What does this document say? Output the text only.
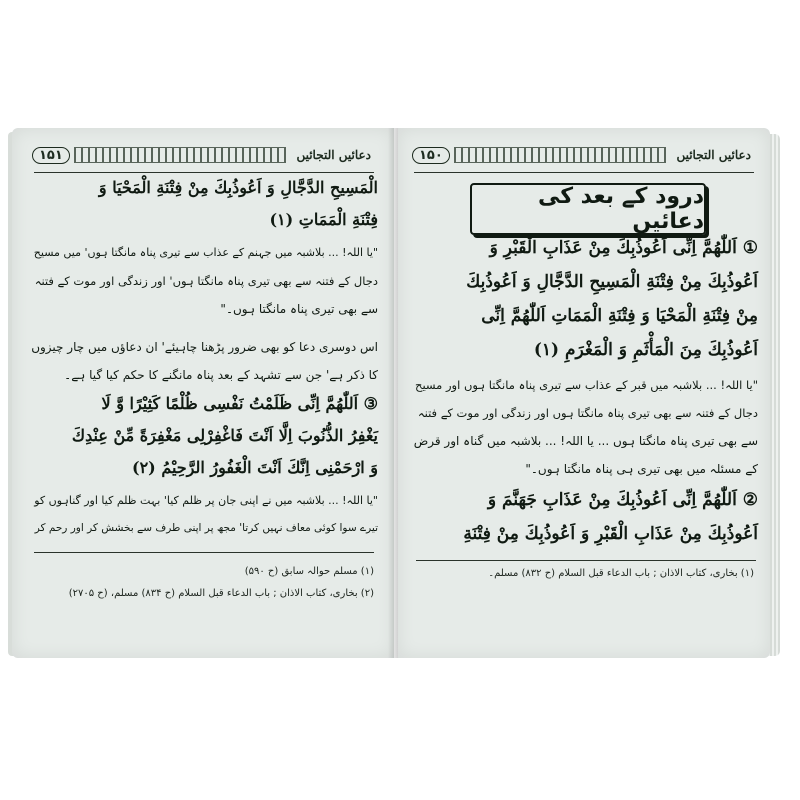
دعائیں التجائیں
۱۵۱
الْمَسِيحِ الدَّجَّالِ وَ اَعُوذُبِكَ مِنْ فِتْنَةِ الْمَحْيَا وَ
فِتْنَةِ الْمَمَاتِ (۱)
"یا اللہ! ... بلاشبہ میں جہنم کے عذاب سے تیری پناہ مانگتا ہوں' میں مسیح
دجال کے فتنہ سے بھی تیری پناہ مانگتا ہوں' اور زندگی اور موت کے فتنہ
سے بھی تیری پناہ مانگتا ہوں۔"
اس دوسری دعا کو بھی ضرور پڑھنا چاہیئے' ان دعاؤں میں چار چیزوں
کا ذکر ہے' جن سے تشہد کے بعد پناہ مانگنے کا حکم کیا گیا ہے۔
③ اَللّٰهُمَّ اِنِّی ظَلَمْتُ نَفْسِی ظُلْمًا کَثِیْرًا وَّ لَا
یَغْفِرُ الذُّنُوبَ اِلَّا اَنْتَ فَاغْفِرْلِی مَغْفِرَةً مِّنْ عِنْدِكَ
وَ ارْحَمْنِی اِنَّكَ اَنْتَ الْغَفُورُ الرَّحِیْمُ (۲)
"یا اللہ! ... بلاشبہ میں نے اپنی جان پر ظلم کیا' بہت ظلم کیا اور گناہوں کو
تیرے سوا کوئی معاف نہیں کرتا' مجھ پر اپنی طرف سے بخشش کر اور رحم کر
(۱) مسلم حوالہ سابق (ح ۵۹۰)
(۲) بخاری، کتاب الاذان ; باب الدعاء قبل السلام (ح ۸۳۴) مسلم، (ح ۲۷۰۵)
دعائیں التجائیں
۱۵۰
درود کے بعد کی دعائیں
① اَللّٰهُمَّ اِنِّی اَعُوذُبِكَ مِنْ عَذَابِ الْقَبْرِ وَ
اَعُوذُبِكَ مِنْ فِتْنَةِ الْمَسِيحِ الدَّجَّالِ وَ اَعُوذُبِكَ
مِنْ فِتْنَةِ الْمَحْيَا وَ فِتْنَةِ الْمَمَاتِ اَللّٰهُمَّ اِنِّی
اَعُوذُبِكَ مِنَ الْمَأْثَمِ وَ الْمَغْرَمِ (۱)
"یا اللہ! ... بلاشبہ میں قبر کے عذاب سے تیری پناہ مانگتا ہوں اور مسیح
دجال کے فتنہ سے بھی تیری پناہ مانگتا ہوں اور زندگی اور موت کے فتنہ
سے بھی تیری پناہ مانگتا ہوں ... یا اللہ! ... بلاشبہ میں گناہ اور قرض
کے مسئلہ میں بھی تیری ہی پناہ مانگتا ہوں۔"
② اَللّٰهُمَّ اِنِّی اَعُوذُبِكَ مِنْ عَذَابِ جَهَنَّمَ وَ
اَعُوذُبِكَ مِنْ عَذَابِ الْقَبْرِ وَ اَعُوذُبِكَ مِنْ فِتْنَةِ
(۱) بخاری، کتاب الاذان ; باب الدعاء قبل السلام (ح ۸۳۲) مسلم۔
